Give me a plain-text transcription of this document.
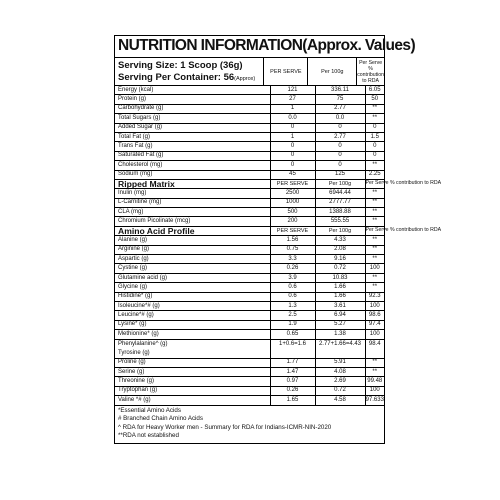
NUTRITION INFORMATION(Approx. Values)
Serving Size: 1 Scoop (36g)
Serving Per Container: 56(Approx)
PER SERVE	Per 100g
Per Serve % contribution to RDA
Energy (kcal)	121	336.11	6.05
Protein (g)	27	75	50
Carbohydrate (g)	1	2.77	**
Total Sugars (g)	0.0	0.0	**
Added Sugar (g)	0	0	0
Total Fat (g)	1	2.77	1.5
Trans Fat (g)	0	0	0
Saturated Fat (g)	0	0	0
Cholesterol (mg)	0	0	**
Sodium (mg)	45	125	2.25
Ripped Matrix	PER SERVE	Per 100g	Per Serve % contribution to RDA
Inulin (mg)	2500	6944.44	**
L-Carnitine (mg)	1000	2777.77	**
CLA (mg)	500	1388.88	**
Chromium Picolinate (mcg)	200	555.55	**
Amino Acid Profile	PER SERVE	Per 100g	Per Serve % contribution to RDA
Alanine (g)	1.56	4.33	**
Arginine (g)	0.75	2.08	**
Aspartic (g)	3.3	9.16	**
Cystine (g)	0.26	0.72	100
Glutamine acid (g)	3.9	10.83	**
Glycine (g)	0.6	1.66	**
Histidine* (g)	0.6	1.66	92.3
Isoleucine*# (g)	1.3	3.61	100
Leucine*# (g)	2.5	6.94	98.6
Lysine* (g)	1.9	5.27	97.4
Methionine* (g)	0.65	1.38	100

Phenylalanine^ (g)
Tyrosine (g)	1+0.6=1.6	2.77+1.66=4.43	98.4
Proline (g)	1.77	5.91	**
Serine (g)	1.47	4.08	**
Threonine (g)	0.97	2.69	99.48
Tryptophan (g)	0.26	0.72	100
Valine *# (g)	1.65	4.58	97.633
*Essential Amino Acids
# Branched Chain Amino Acids
^ RDA for Heavy Worker men - Summary for RDA for Indians-ICMR-NIN-2020
**RDA not established
